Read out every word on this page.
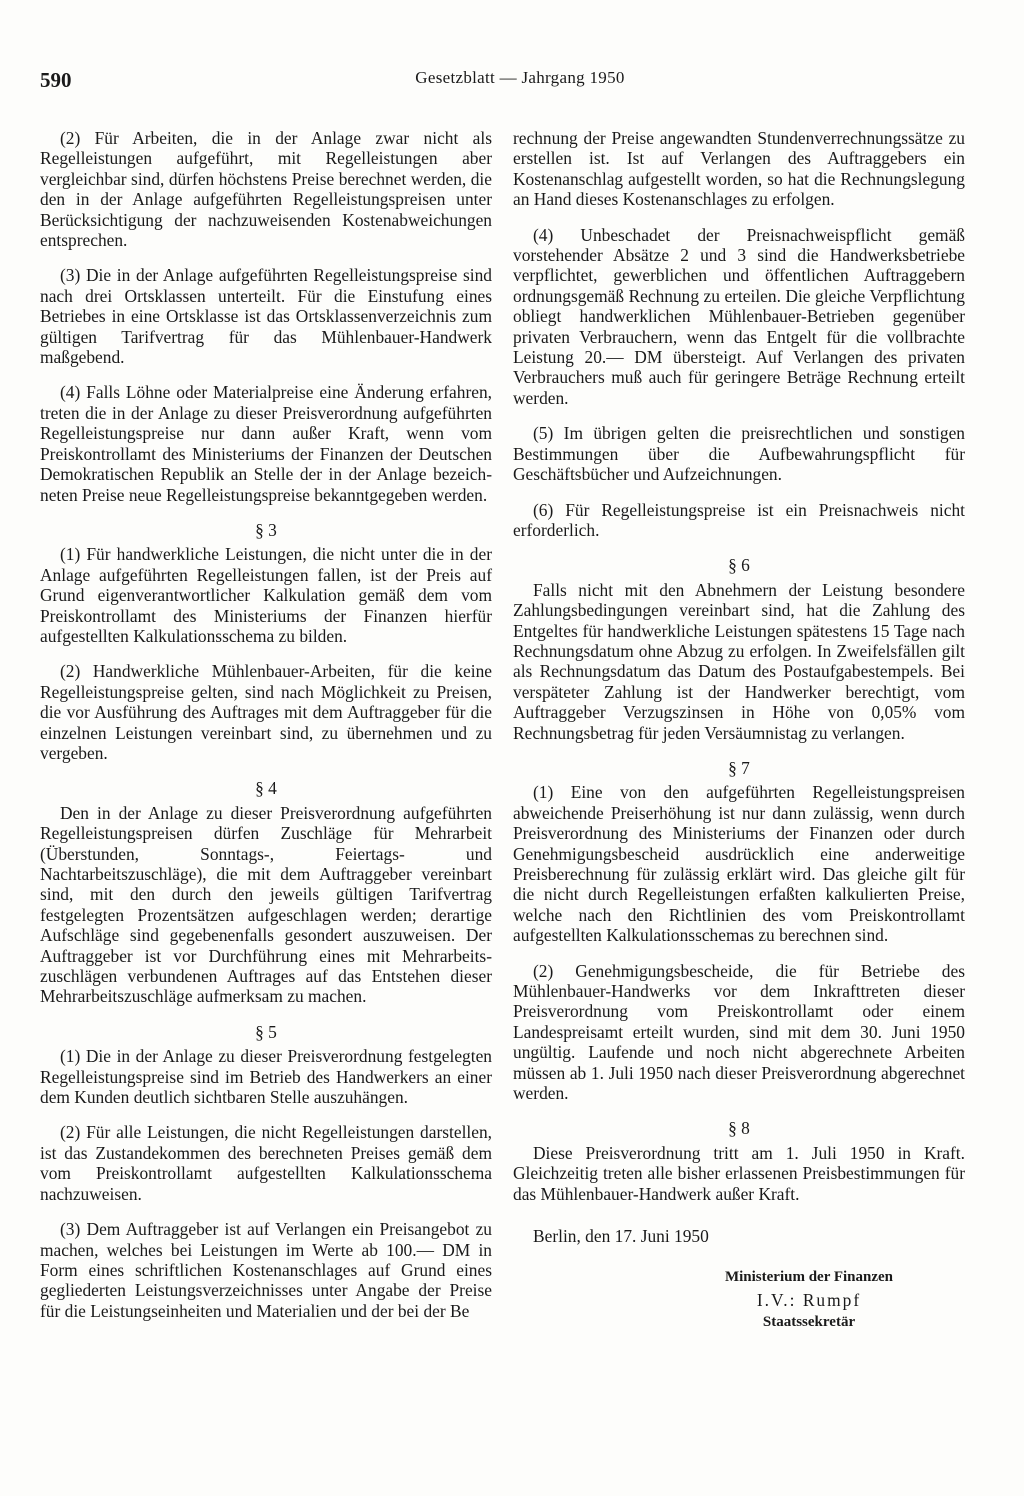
590	Gesetzblatt — Jahrgang 1950

(2) Für Arbeiten, die in der Anlage zwar nicht als Regelleistungen aufgeführt, mit Regelleistungen aber vergleichbar sind, dürfen höchstens Preise berechnet werden, die den in der Anlage aufgeführten Regelleistungspreisen unter Berücksichtigung der nachzuweisenden Kostenabweichungen entsprechen.

(3) Die in der Anlage aufgeführten Regelleistungspreise sind nach drei Ortsklassen unterteilt. Für die Einstufung eines Betriebes in eine Ortsklasse ist das Ortsklassenverzeichnis zum gültigen Tarifvertrag für das Mühlenbauer-Handwerk maßgebend.

(4) Falls Löhne oder Materialpreise eine Änderung erfahren, treten die in der Anlage zu dieser Preisverordnung aufgeführten Regelleistungspreise nur dann außer Kraft, wenn vom Preiskontrollamt des Ministeriums der Finanzen der Deutschen Demokratischen Republik an Stelle der in der Anlage bezeichneten Preise neue Regelleistungspreise bekanntgegeben werden.

§ 3

(1) Für handwerkliche Leistungen, die nicht unter die in der Anlage aufgeführten Regelleistungen fallen, ist der Preis auf Grund eigenverantwortlicher Kalkulation gemäß dem vom Preiskontrollamt des Ministeriums der Finanzen hierfür aufgestellten Kalkulationsschema zu bilden.

(2) Handwerkliche Mühlenbauer-Arbeiten, für die keine Regelleistungspreise gelten, sind nach Möglichkeit zu Preisen, die vor Ausführung des Auftrages mit dem Auftraggeber für die einzelnen Leistungen vereinbart sind, zu übernehmen und zu vergeben.

§ 4

Den in der Anlage zu dieser Preisverordnung aufgeführten Regelleistungspreisen dürfen Zuschläge für Mehrarbeit (Überstunden, Sonntags-, Feiertags- und Nachtarbeitszuschläge), die mit dem Auftraggeber vereinbart sind, mit den durch den jeweils gültigen Tarifvertrag festgelegten Prozentsätzen aufgeschlagen werden; derartige Aufschläge sind gegebenenfalls gesondert auszuweisen. Der Auftraggeber ist vor Durchführung eines mit Mehrarbeitszuschlägen verbundenen Auftrages auf das Entstehen dieser Mehrarbeitszuschläge aufmerksam zu machen.

§ 5

(1) Die in der Anlage zu dieser Preisverordnung festgelegten Regelleistungspreise sind im Betrieb des Handwerkers an einer dem Kunden deutlich sichtbaren Stelle auszuhängen.

(2) Für alle Leistungen, die nicht Regelleistungen darstellen, ist das Zustandekommen des berechneten Preises gemäß dem vom Preiskontrollamt aufgestellten Kalkulationsschema nachzuweisen.

(3) Dem Auftraggeber ist auf Verlangen ein Preisangebot zu machen, welches bei Leistungen im Werte ab 100.— DM in Form eines schriftlichen Kostenanschlages auf Grund eines gegliederten Leistungsverzeichnisses unter Angabe der Preise für die Leistungseinheiten und Materialien und der bei der Be

rechnung der Preise angewandten Stundenverrechnungssätze zu erstellen ist. Ist auf Verlangen des Auftraggebers ein Kostenanschlag aufgestellt worden, so hat die Rechnungslegung an Hand dieses Kostenanschlages zu erfolgen.

(4) Unbeschadet der Preisnachweispflicht gemäß vorstehender Absätze 2 und 3 sind die Handwerksbetriebe verpflichtet, gewerblichen und öffentlichen Auftraggebern ordnungsgemäß Rechnung zu erteilen. Die gleiche Verpflichtung obliegt handwerklichen Mühlenbauer-Betrieben gegenüber privaten Verbrauchern, wenn das Entgelt für die vollbrachte Leistung 20.— DM übersteigt. Auf Verlangen des privaten Verbrauchers muß auch für geringere Beträge Rechnung erteilt werden.

(5) Im übrigen gelten die preisrechtlichen und sonstigen Bestimmungen über die Aufbewahrungspflicht für Geschäftsbücher und Aufzeichnungen.

(6) Für Regelleistungspreise ist ein Preisnachweis nicht erforderlich.

§ 6

Falls nicht mit den Abnehmern der Leistung besondere Zahlungsbedingungen vereinbart sind, hat die Zahlung des Entgeltes für handwerkliche Leistungen spätestens 15 Tage nach Rechnungsdatum ohne Abzug zu erfolgen. In Zweifelsfällen gilt als Rechnungsdatum das Datum des Postaufgabestempels. Bei verspäteter Zahlung ist der Handwerker berechtigt, vom Auftraggeber Verzugszinsen in Höhe von 0,05% vom Rechnungsbetrag für jeden Versäumnistag zu verlangen.

§ 7

(1) Eine von den aufgeführten Regelleistungspreisen abweichende Preiserhöhung ist nur dann zulässig, wenn durch Preisverordnung des Ministeriums der Finanzen oder durch Genehmigungsbescheid ausdrücklich eine anderweitige Preisberechnung für zulässig erklärt wird. Das gleiche gilt für die nicht durch Regelleistungen erfaßten kalkulierten Preise, welche nach den Richtlinien des vom Preiskontrollamt aufgestellten Kalkulationsschemas zu berechnen sind.

(2) Genehmigungsbescheide, die für Betriebe des Mühlenbauer-Handwerks vor dem Inkrafttreten dieser Preisverordnung vom Preiskontrollamt oder einem Landespreisamt erteilt wurden, sind mit dem 30. Juni 1950 ungültig. Laufende und noch nicht abgerechnete Arbeiten müssen ab 1. Juli 1950 nach dieser Preisverordnung abgerechnet werden.

§ 8

Diese Preisverordnung tritt am 1. Juli 1950 in Kraft. Gleichzeitig treten alle bisher erlassenen Preisbestimmungen für das Mühlenbauer-Handwerk außer Kraft.

Berlin, den 17. Juni 1950

Ministerium der Finanzen
I.V.: Rumpf
Staatssekretär
